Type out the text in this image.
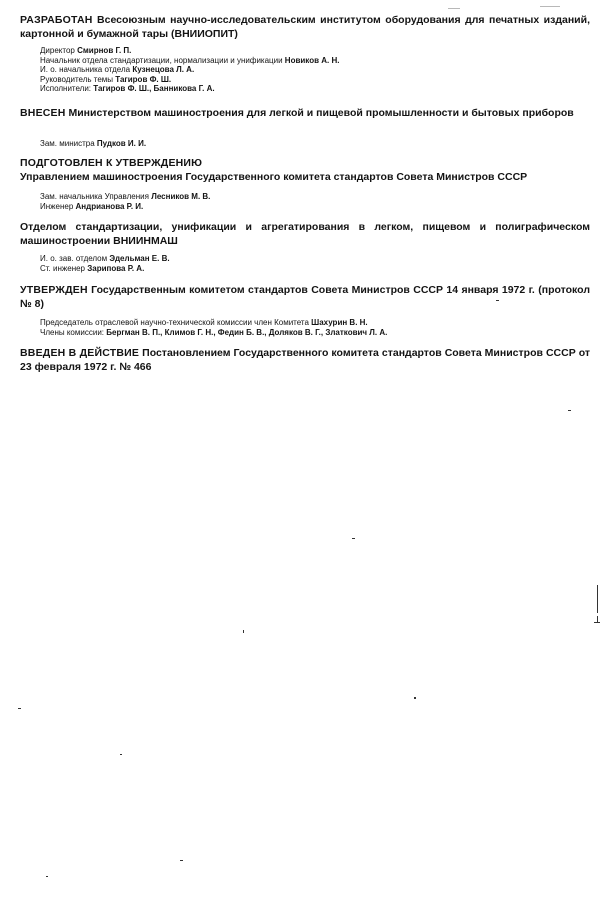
РАЗРАБОТАН Всесоюзным научно-исследовательским институтом оборудования для печатных изданий, картонной и бумажной тары (ВНИИОПИТ)
Директор Смирнов Г. П.
Начальник отдела стандартизации, нормализации и унификации Новиков А. Н.
И. о. начальника отдела Кузнецова Л. А.
Руководитель темы Тагиров Ф. Ш.
Исполнители: Тагиров Ф. Ш., Банникова Г. А.
ВНЕСЕН Министерством машиностроения для легкой и пищевой промышленности и бытовых приборов
Зам. министра Пудков И. И.
ПОДГОТОВЛЕН К УТВЕРЖДЕНИЮ
Управлением машиностроения Государственного комитета стандартов Совета Министров СССР
Зам. начальника Управления Лесников М. В.
Инженер Андрианова Р. И.
Отделом стандартизации, унификации и агрегатирования в легком, пищевом и полиграфическом машиностроении ВНИИНМАШ
И. о. зав. отделом Эдельман Е. В.
Ст. инженер Зарипова Р. А.
УТВЕРЖДЕН Государственным комитетом стандартов Совета Министров СССР 14 января 1972 г. (протокол № 8)
Председатель отраслевой научно-технической комиссии член Комитета Шахурин В. Н.
Члены комиссии: Бергман В. П., Климов Г. Н., Федин Б. В., Доляков В. Г., Златкович Л. А.
ВВЕДЕН В ДЕЙСТВИЕ Постановлением Государственного комитета стандартов Совета Министров СССР от 23 февраля 1972 г. № 466
